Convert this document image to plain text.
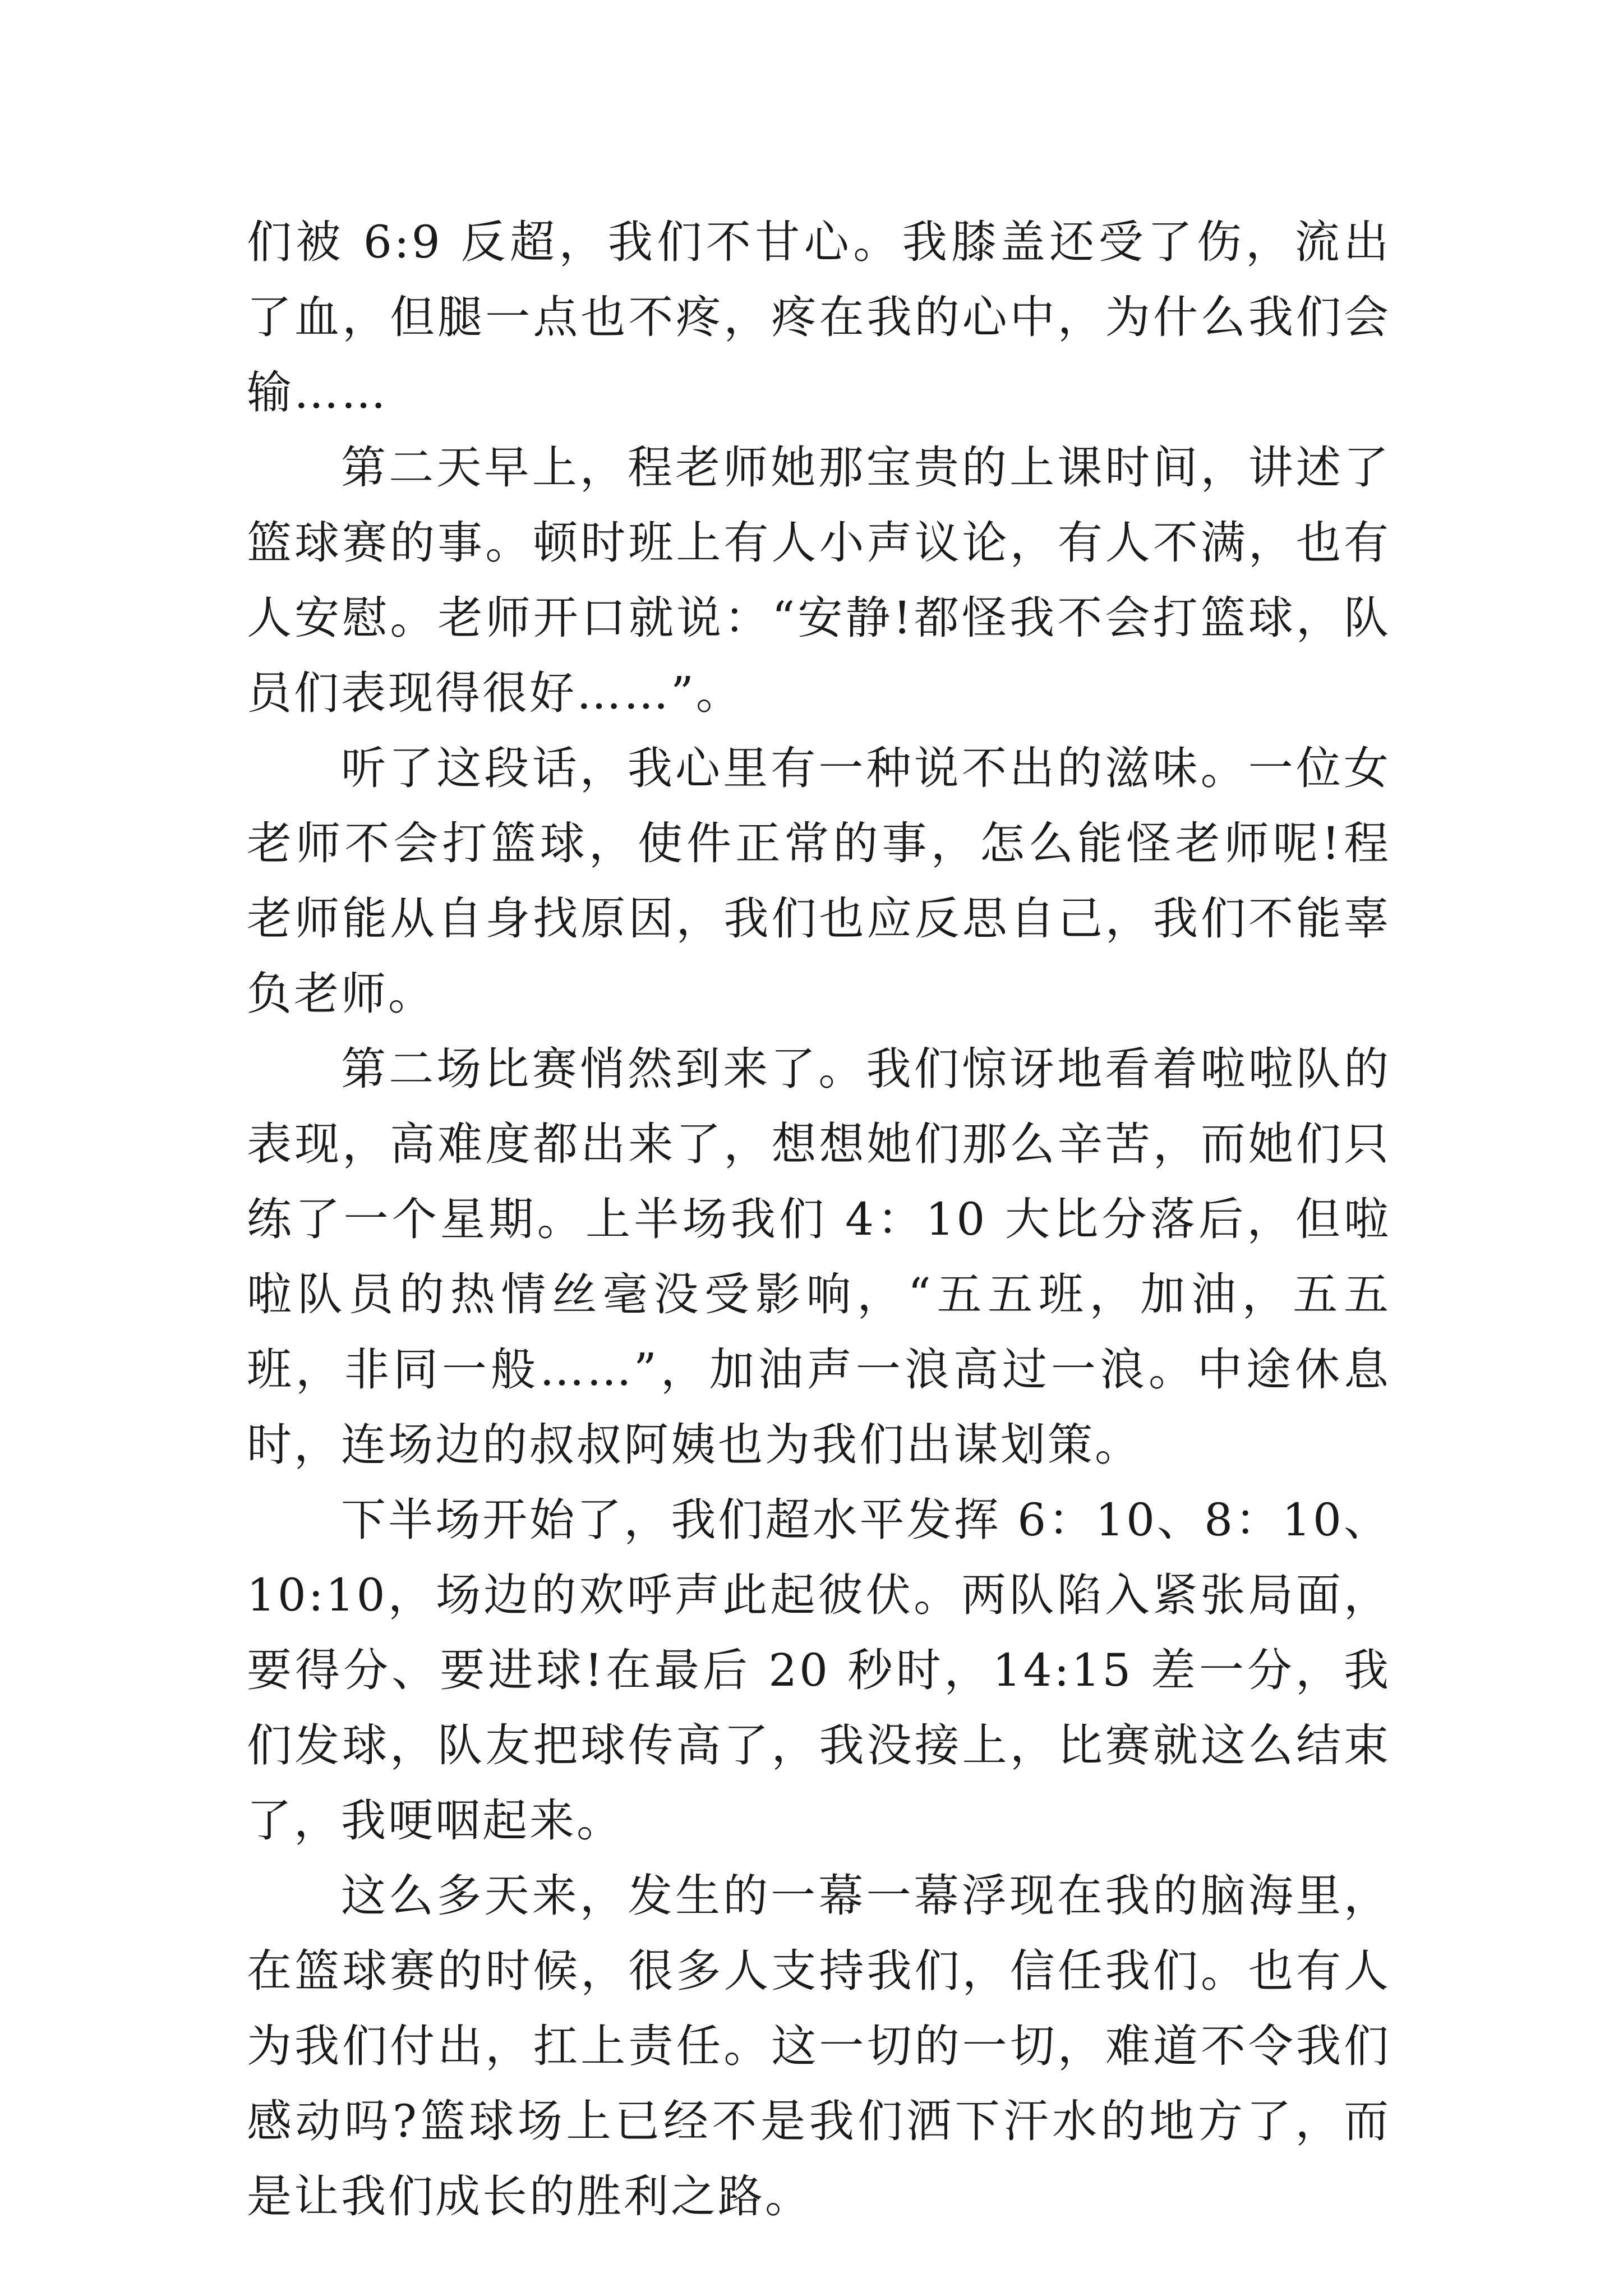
们被 6:9 反超，我们不甘心。我膝盖还受了伤，流出了血，但腿一点也不疼，疼在我的心中，为什么我们会输……

第二天早上，程老师她那宝贵的上课时间，讲述了篮球赛的事。顿时班上有人小声议论，有人不满，也有人安慰。老师开口就说：“安静!都怪我不会打篮球，队员们表现得很好……”。

听了这段话，我心里有一种说不出的滋味。一位女老师不会打篮球，使件正常的事，怎么能怪老师呢!程老师能从自身找原因，我们也应反思自己，我们不能辜负老师。

第二场比赛悄然到来了。我们惊讶地看着啦啦队的表现，高难度都出来了，想想她们那么辛苦，而她们只练了一个星期。上半场我们 4：10 大比分落后，但啦啦队员的热情丝毫没受影响，“五五班，加油，五五班，非同一般……”，加油声一浪高过一浪。中途休息时，连场边的叔叔阿姨也为我们出谋划策。

下半场开始了，我们超水平发挥 6：10、8：10、10:10，场边的欢呼声此起彼伏。两队陷入紧张局面，要得分、要进球!在最后 20 秒时，14:15 差一分，我们发球，队友把球传高了，我没接上，比赛就这么结束了，我哽咽起来。

这么多天来，发生的一幕一幕浮现在我的脑海里，在篮球赛的时候，很多人支持我们，信任我们。也有人为我们付出，扛上责任。这一切的一切，难道不令我们感动吗?篮球场上已经不是我们洒下汗水的地方了，而是让我们成长的胜利之路。
